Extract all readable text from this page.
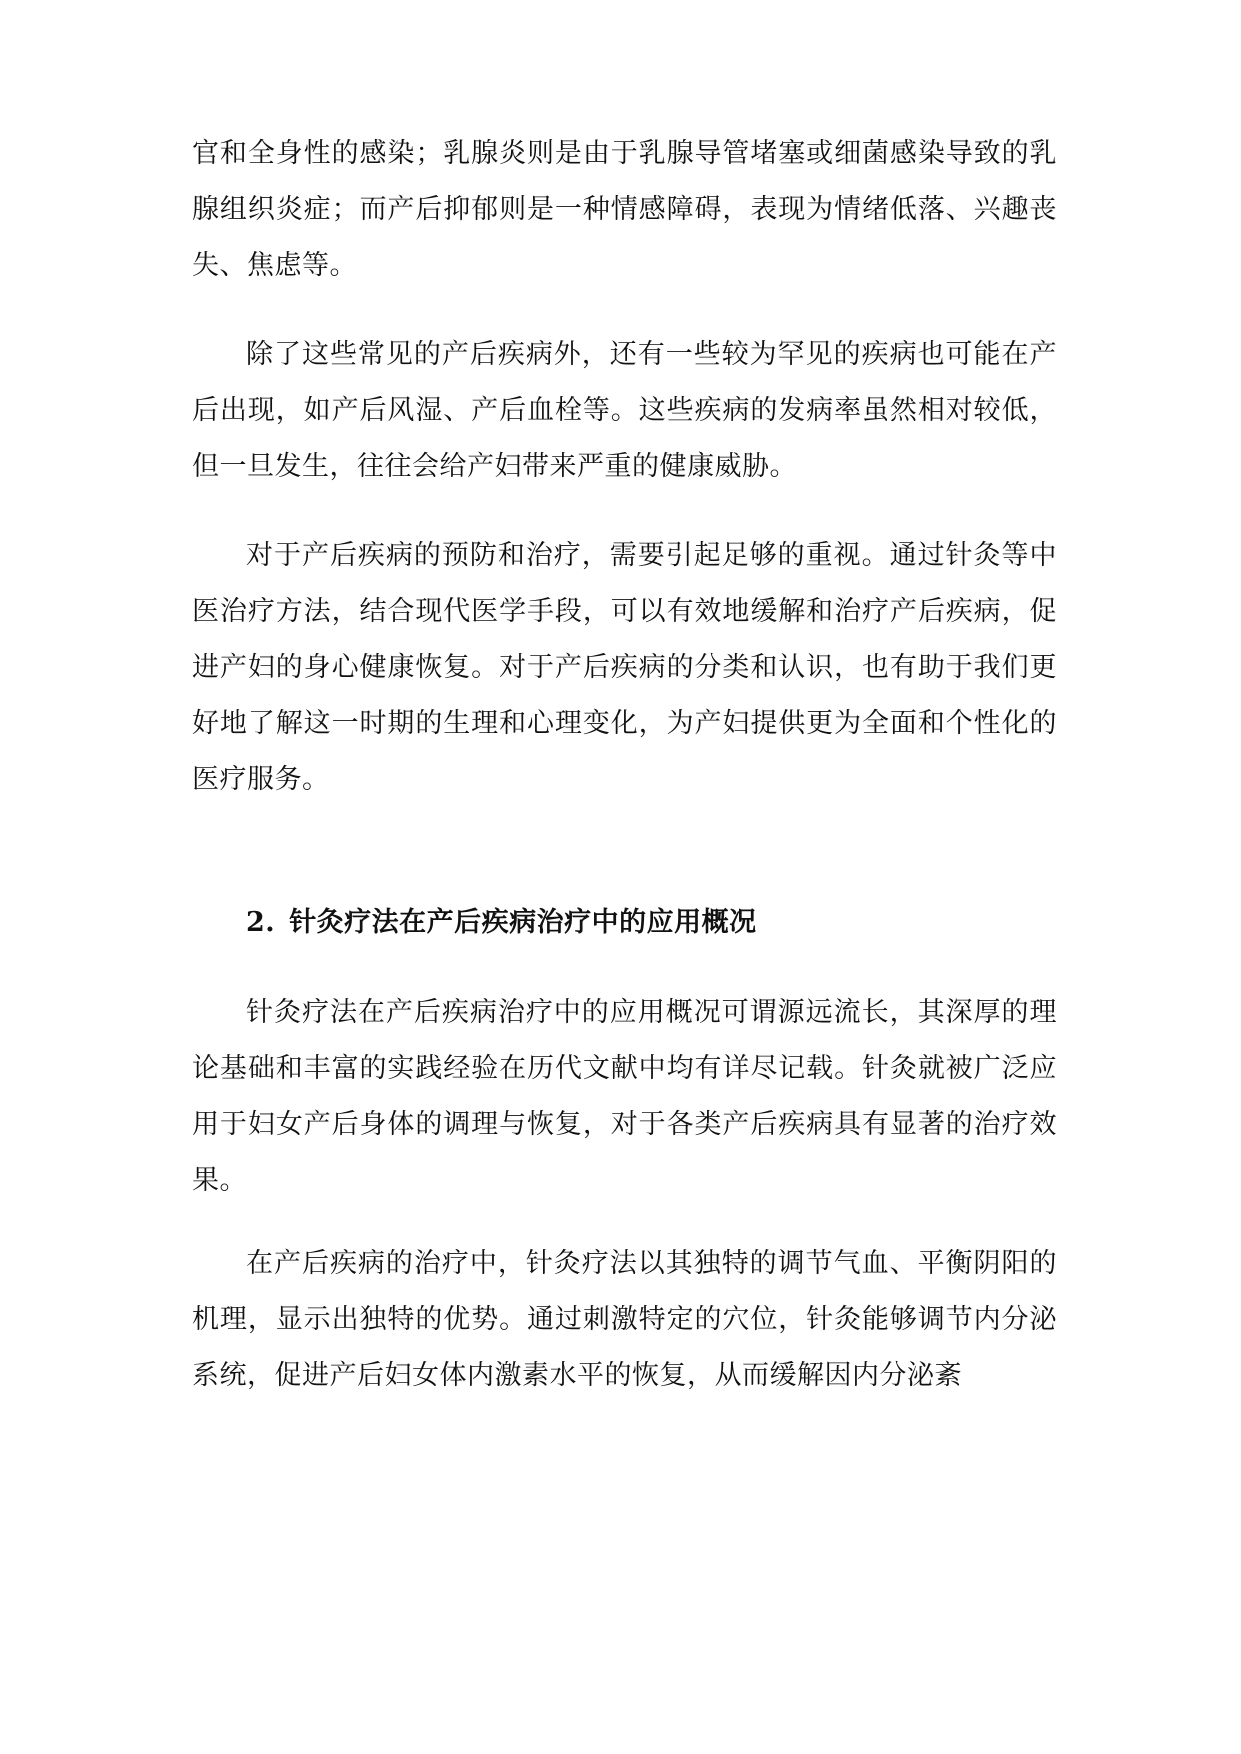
官和全身性的感染；乳腺炎则是由于乳腺导管堵塞或细菌感染导致的乳腺组织炎症；而产后抑郁则是一种情感障碍，表现为情绪低落、兴趣丧失、焦虑等。
除了这些常见的产后疾病外，还有一些较为罕见的疾病也可能在产后出现，如产后风湿、产后血栓等。这些疾病的发病率虽然相对较低，但一旦发生，往往会给产妇带来严重的健康威胁。
对于产后疾病的预防和治疗，需要引起足够的重视。通过针灸等中医治疗方法，结合现代医学手段，可以有效地缓解和治疗产后疾病，促进产妇的身心健康恢复。对于产后疾病的分类和认识，也有助于我们更好地了解这一时期的生理和心理变化，为产妇提供更为全面和个性化的医疗服务。
2. 针灸疗法在产后疾病治疗中的应用概况
针灸疗法在产后疾病治疗中的应用概况可谓源远流长，其深厚的理论基础和丰富的实践经验在历代文献中均有详尽记载。针灸就被广泛应用于妇女产后身体的调理与恢复，对于各类产后疾病具有显著的治疗效果。
在产后疾病的治疗中，针灸疗法以其独特的调节气血、平衡阴阳的机理，显示出独特的优势。通过刺激特定的穴位，针灸能够调节内分泌系统，促进产后妇女体内激素水平的恢复，从而缓解因内分泌紊
